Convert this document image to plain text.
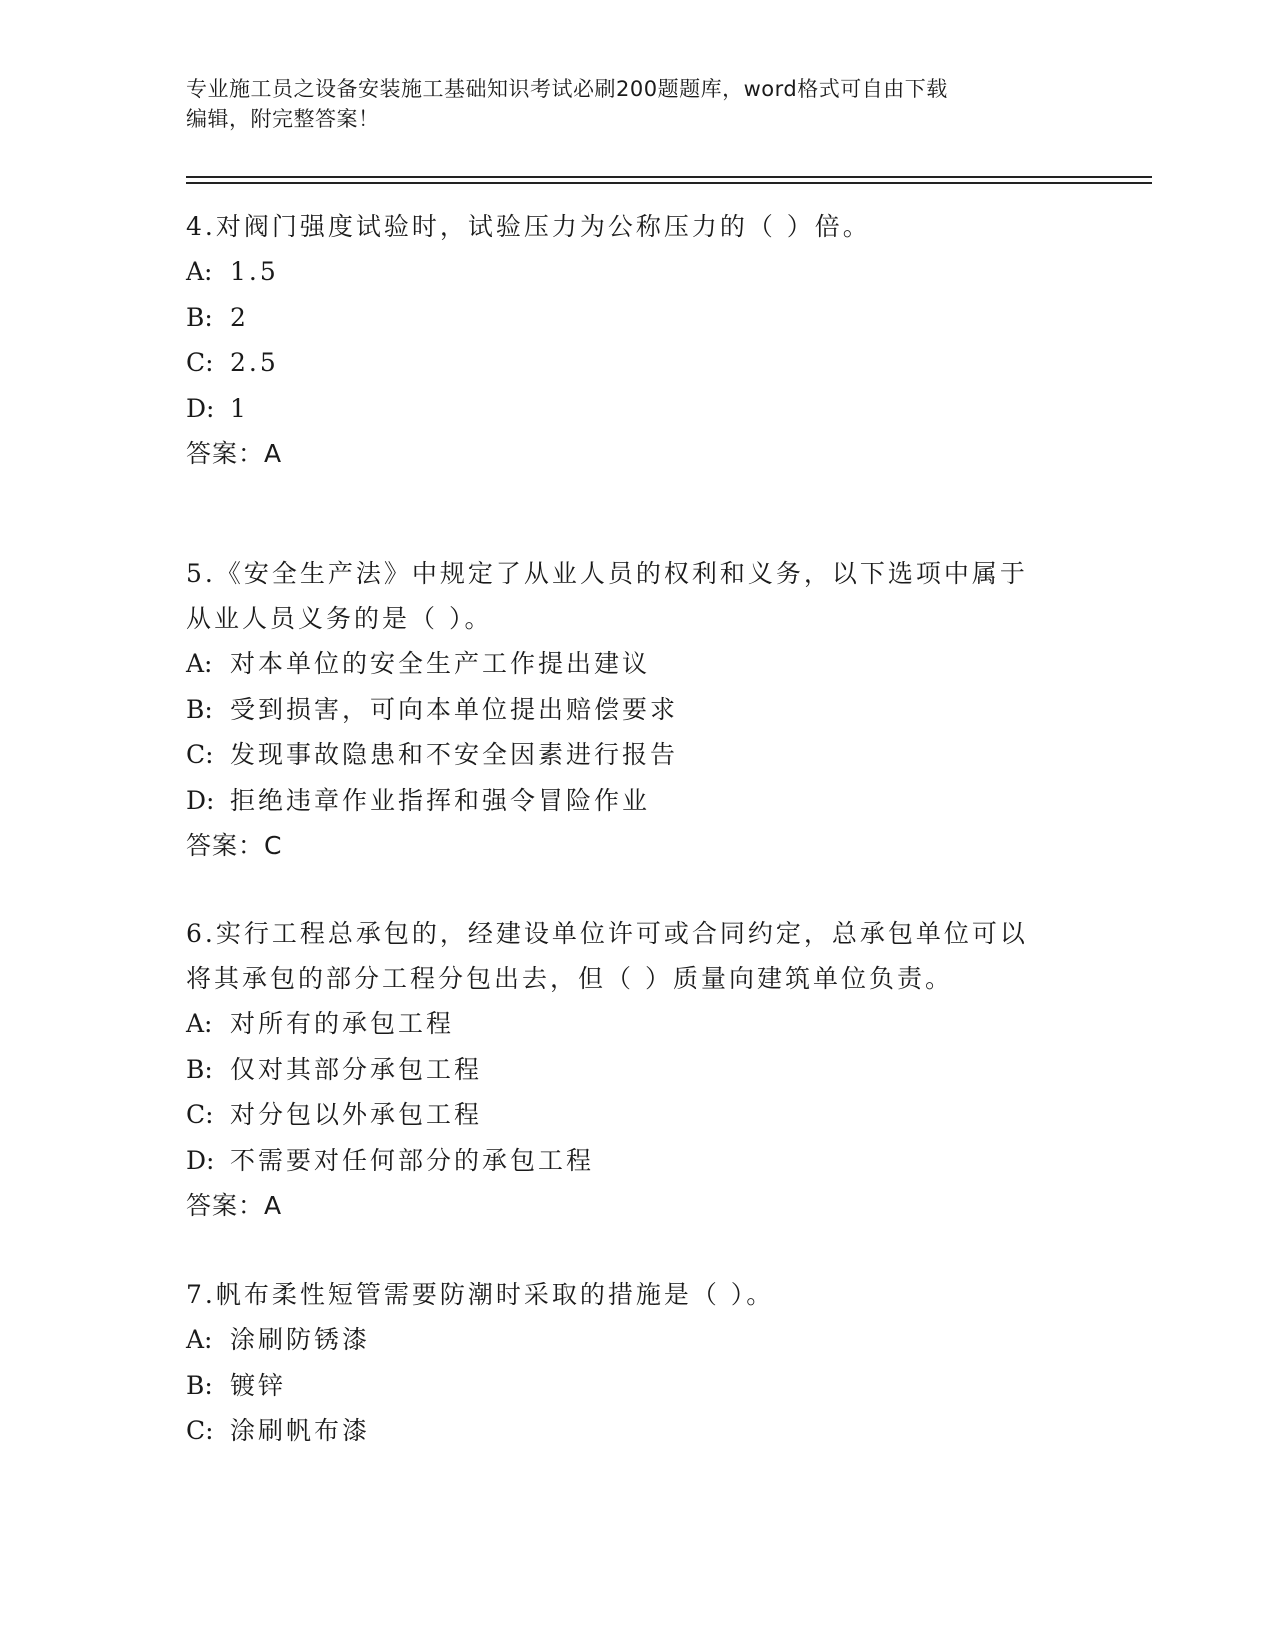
专业施工员之设备安装施工基础知识考试必刷200题题库，word格式可自由下载
编辑，附完整答案！
4.对阀门强度试验时，试验压力为公称压力的（ ）倍。
A: 1.5
B: 2
C: 2.5
D: 1
答案：A
5.《安全生产法》中规定了从业人员的权利和义务，以下选项中属于
从业人员义务的是（ ）。
A: 对本单位的安全生产工作提出建议
B: 受到损害，可向本单位提出赔偿要求
C: 发现事故隐患和不安全因素进行报告
D: 拒绝违章作业指挥和强令冒险作业
答案：C
6.实行工程总承包的，经建设单位许可或合同约定，总承包单位可以
将其承包的部分工程分包出去，但（ ）质量向建筑单位负责。
A: 对所有的承包工程
B: 仅对其部分承包工程
C: 对分包以外承包工程
D: 不需要对任何部分的承包工程
答案：A
7.帆布柔性短管需要防潮时采取的措施是（ ）。
A: 涂刷防锈漆
B: 镀锌
C: 涂刷帆布漆
